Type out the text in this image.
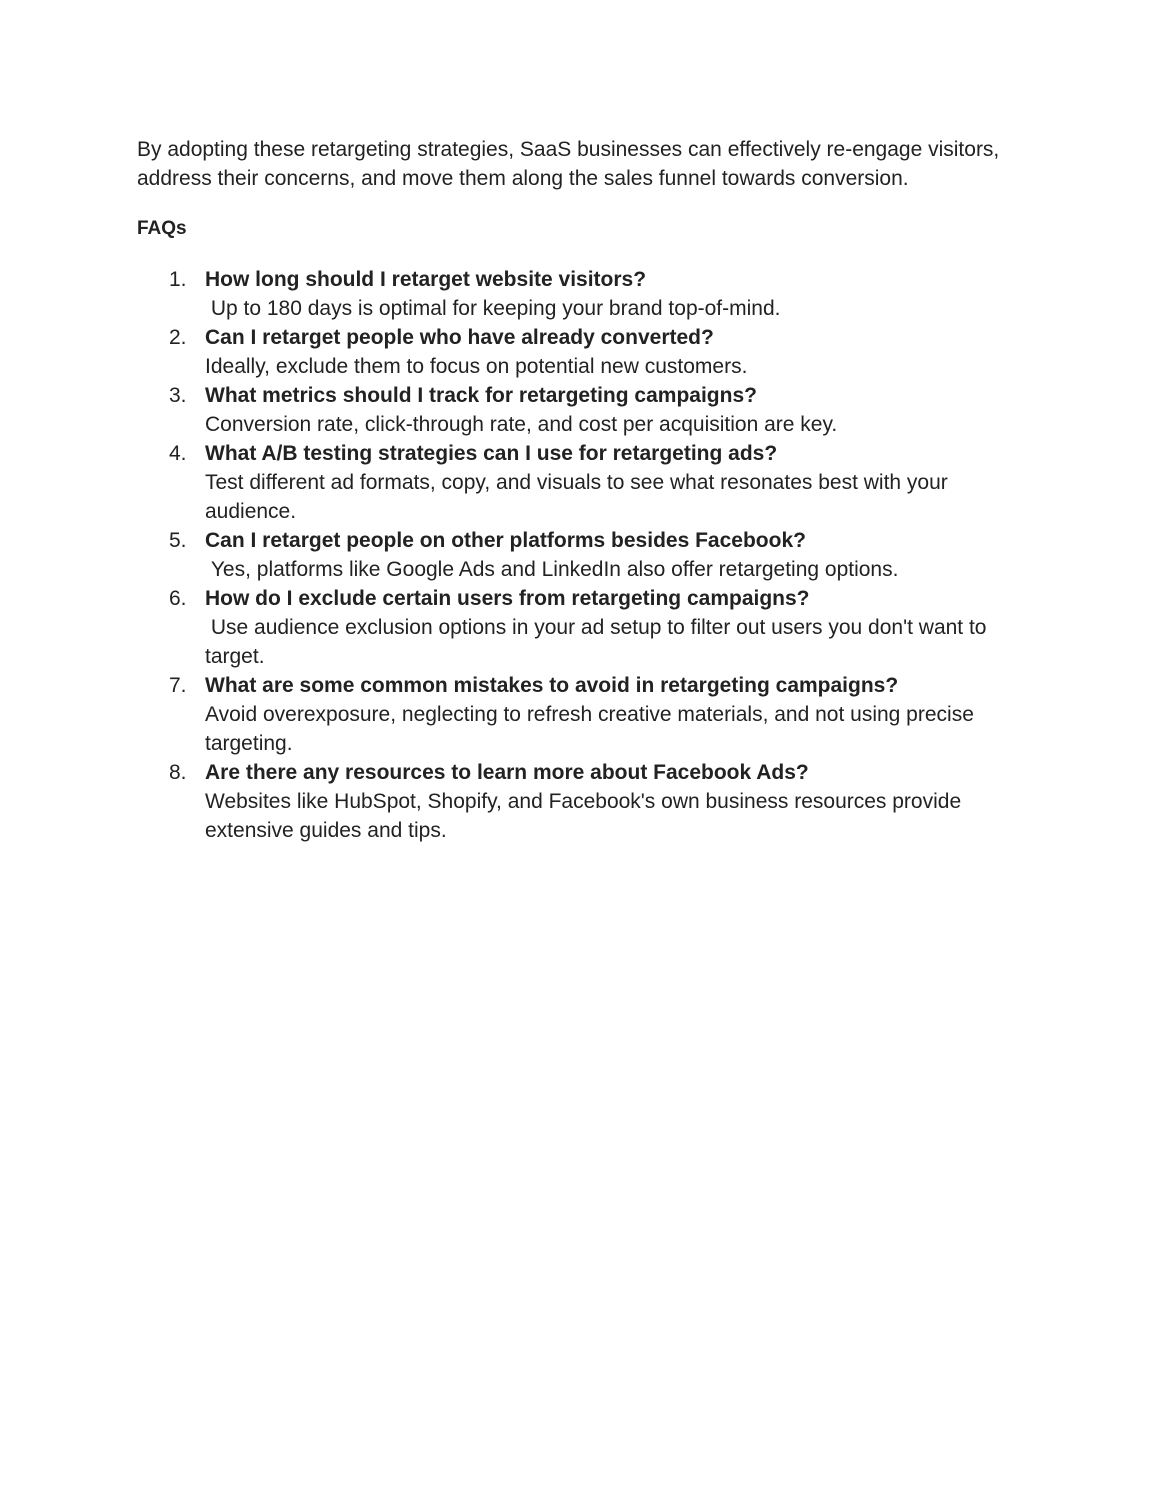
By adopting these retargeting strategies, SaaS businesses can effectively re-engage visitors, address their concerns, and move them along the sales funnel towards conversion.

FAQs
1. How long should I retarget website visitors?
Up to 180 days is optimal for keeping your brand top-of-mind.
2. Can I retarget people who have already converted?
Ideally, exclude them to focus on potential new customers.
3. What metrics should I track for retargeting campaigns?
Conversion rate, click-through rate, and cost per acquisition are key.
4. What A/B testing strategies can I use for retargeting ads?
Test different ad formats, copy, and visuals to see what resonates best with your audience.
5. Can I retarget people on other platforms besides Facebook?
Yes, platforms like Google Ads and LinkedIn also offer retargeting options.
6. How do I exclude certain users from retargeting campaigns?
Use audience exclusion options in your ad setup to filter out users you don't want to target.
7. What are some common mistakes to avoid in retargeting campaigns?
Avoid overexposure, neglecting to refresh creative materials, and not using precise targeting.
8. Are there any resources to learn more about Facebook Ads?
Websites like HubSpot, Shopify, and Facebook's own business resources provide extensive guides and tips.
